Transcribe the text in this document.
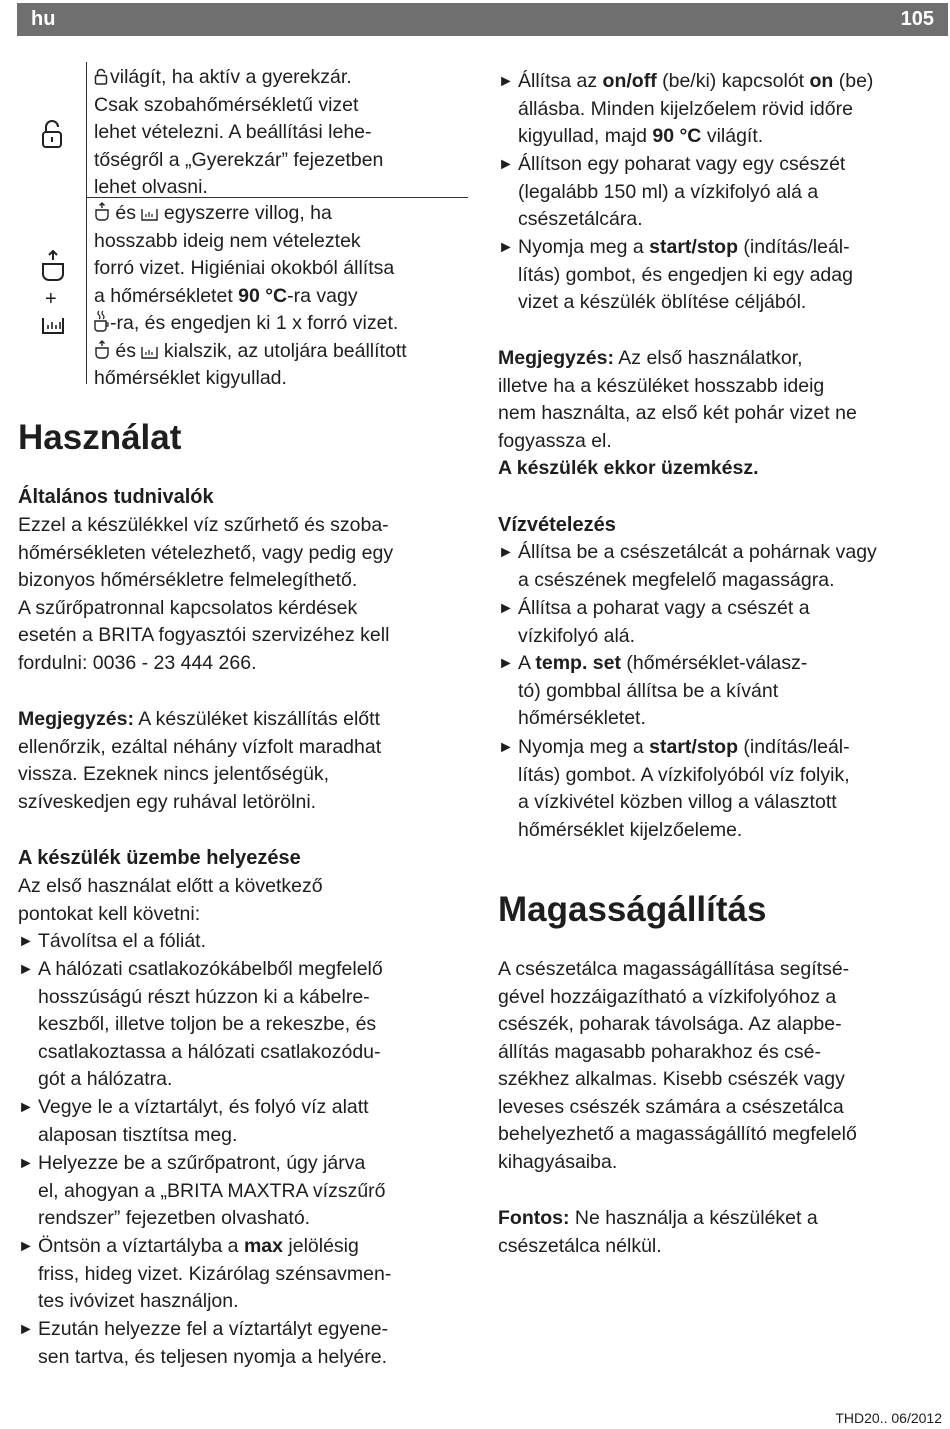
hu	105
+
világít, ha aktív a gyerekzár.
Csak szobahőmérsékletű vizet
lehet vételezni. A beállítási lehe-
tőségről a „Gyerekzár” fejezetben
lehet olvasni.
és egyszerre villog, ha
hosszabb ideig nem vételeztek
forró vizet. Higiéniai okokból állítsa
a hőmérsékletet 90 °C-ra vagy
-ra, és engedjen ki 1 x forró vizet.
és kialszik, az utoljára beállított
hőmérséklet kigyullad.
Használat
Általános tudnivalók
Ezzel a készülékkel víz szűrhető és szoba-
hőmérsékleten vételezhető, vagy pedig egy
bizonyos hőmérsékletre felmelegíthető.
A szűrőpatronnal kapcsolatos kérdések
esetén a BRITA fogyasztói szervizéhez kell
fordulni: 0036 - 23 444 266.
Megjegyzés: A készüléket kiszállítás előtt
ellenőrzik, ezáltal néhány vízfolt maradhat
vissza. Ezeknek nincs jelentőségük,
szíveskedjen egy ruhával letörölni.
A készülék üzembe helyezése
Az első használat előtt a következő
pontokat kell követni:
► Távolítsa el a fóliát.
► A hálózati csatlakozókábelből megfelelő
hosszúságú részt húzzon ki a kábelre-
keszből, illetve toljon be a rekeszbe, és
csatlakoztassa a hálózati csatlakozódu-
gót a hálózatra.
► Vegye le a víztartályt, és folyó víz alatt
alaposan tisztítsa meg.
► Helyezze be a szűrőpatront, úgy járva
el, ahogyan a „BRITA MAXTRA vízszűrő
rendszer” fejezetben olvasható.
► Öntsön a víztartályba a max jelölésig
friss, hideg vizet. Kizárólag szénsavmen-
tes ivóvizet használjon.
► Ezután helyezze fel a víztartályt egyene-
sen tartva, és teljesen nyomja a helyére.
► Állítsa az on/off (be/ki) kapcsolót on (be)
állásba. Minden kijelzőelem rövid időre
kigyullad, majd 90 °C világít.
► Állítson egy poharat vagy egy csészét
(legalább 150 ml) a vízkifolyó alá a
csészetálcára.
► Nyomja meg a start/stop (indítás/leál-
lítás) gombot, és engedjen ki egy adag
vizet a készülék öblítése céljából.
Megjegyzés: Az első használatkor,
illetve ha a készüléket hosszabb ideig
nem használta, az első két pohár vizet ne
fogyassza el.
A készülék ekkor üzemkész.
Vízvételezés
► Állítsa be a csészetálcát a pohárnak vagy
a csészének megfelelő magasságra.
► Állítsa a poharat vagy a csészét a
vízkifolyó alá.
► A temp. set (hőmérséklet-válasz-
tó) gombbal állítsa be a kívánt
hőmérsékletet.
► Nyomja meg a start/stop (indítás/leál-
lítás) gombot. A vízkifolyóból víz folyik,
a vízkivétel közben villog a választott
hőmérséklet kijelzőeleme.
Magasságállítás
A csészetálca magasságállítása segítsé-
gével hozzáigazítható a vízkifolyóhoz a
csészék, poharak távolsága. Az alapbe-
állítás magasabb poharakhoz és csé-
székhez alkalmas. Kisebb csészék vagy
leveses csészék számára a csészetálca
behelyezhető a magasságállító megfelelő
kihagyásaiba.
Fontos: Ne használja a készüléket a
csészetálca nélkül.
THD20.. 06/2012
